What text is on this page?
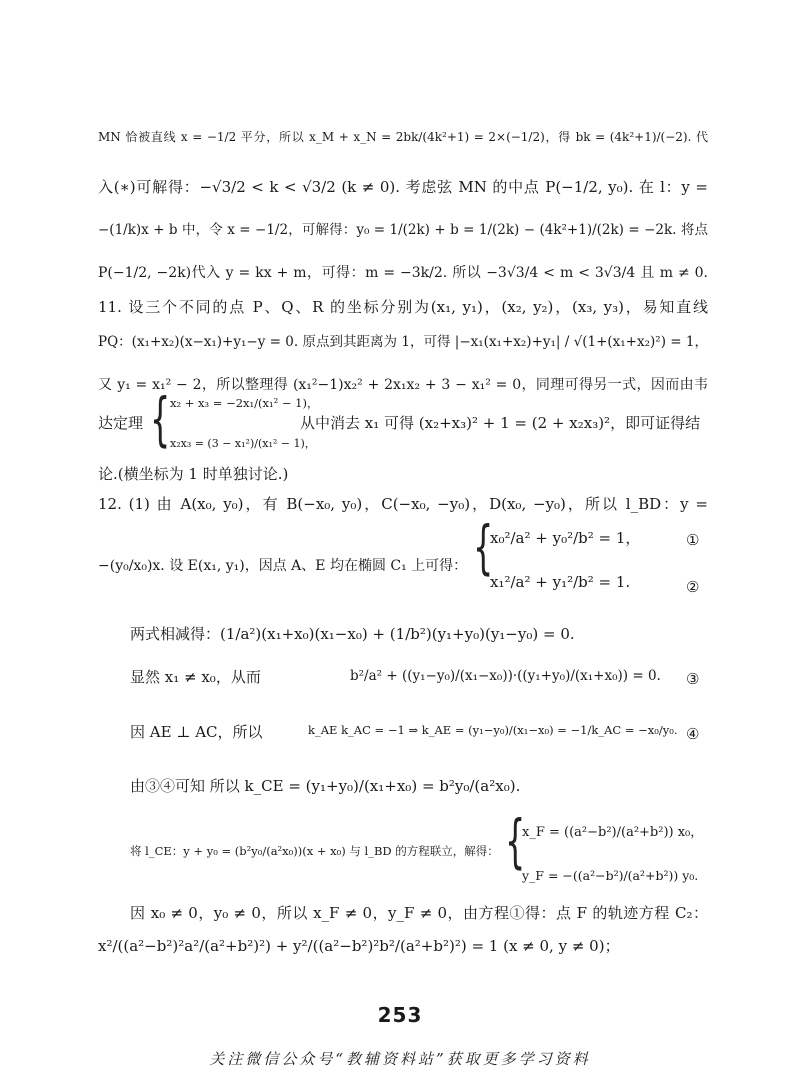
MN 恰被直线 x = −1/2 平分，所以 x_M + x_N = 2bk/(4k²+1) = 2×(−1/2)，得 bk = (4k²+1)/(−2). 代
入(∗)可解得：−√3/2 < k < √3/2 (k ≠ 0). 考虑弦 MN 的中点 P(−1/2, y₀). 在 l：y =
−(1/k)x + b 中，令 x = −1/2，可解得：y₀ = 1/(2k) + b = 1/(2k) − (4k²+1)/(2k) = −2k. 将点
P(−1/2, −2k)代入 y = kx + m，可得：m = −3k/2. 所以 −3√3/4 < m < 3√3/4 且 m ≠ 0.
11. 设三个不同的点 P、Q、R 的坐标分别为(x₁, y₁)，(x₂, y₂)，(x₃, y₃)，易知直线
PQ：(x₁+x₂)(x−x₁)+y₁−y = 0. 原点到其距离为 1，可得 |−x₁(x₁+x₂)+y₁| / √(1+(x₁+x₂)²) = 1，
又 y₁ = x₁² − 2，所以整理得 (x₁²−1)x₂² + 2x₁x₂ + 3 − x₁² = 0，同理可得另一式，因而由韦
达定理 { x₂ + x₃ = −2x₁/(x₁² − 1)，
x₂x₃ = (3 − x₁²)/(x₁² − 1)，
从中消去 x₁ 可得 (x₂+x₃)² + 1 = (2 + x₂x₃)²，即可证得结
论.(横坐标为 1 时单独讨论.)
12. (1) 由 A(x₀, y₀)，有 B(−x₀, y₀)，C(−x₀, −y₀)，D(x₀, −y₀)，所以 l_BD：y =
−(y₀/x₀)x. 设 E(x₁, y₁)，因点 A、E 均在椭圆 C₁ 上可得： {
x₀²/a² + y₀²/b² = 1，
x₁²/a² + y₁²/b² = 1.
①
②
两式相减得：(1/a²)(x₁+x₀)(x₁−x₀) + (1/b²)(y₁+y₀)(y₁−y₀) = 0.
显然 x₁ ≠ x₀，从而	b²/a² + ((y₁−y₀)/(x₁−x₀))·((y₁+y₀)/(x₁+x₀)) = 0.	③
因 AE ⊥ AC，所以	k_AE k_AC = −1 ⇒ k_AE = (y₁−y₀)/(x₁−x₀) = −1/k_AC = −x₀/y₀. ④
由③④可知 所以 k_CE = (y₁+y₀)/(x₁+x₀) = b²y₀/(a²x₀).
将 l_CE：y + y₀ = (b²y₀/(a²x₀))(x + x₀) 与 l_BD 的方程联立，解得： {
x_F = ((a²−b²)/(a²+b²)) x₀，
y_F = −((a²−b²)/(a²+b²)) y₀.
因 x₀ ≠ 0，y₀ ≠ 0，所以 x_F ≠ 0，y_F ≠ 0，由方程①得：点 F 的轨迹方程 C₂：
x²/((a²−b²)²a²/(a²+b²)²) + y²/((a²−b²)²b²/(a²+b²)²) = 1 (x ≠ 0, y ≠ 0)；
253
关注微信公众号“教辅资料站”获取更多学习资料
